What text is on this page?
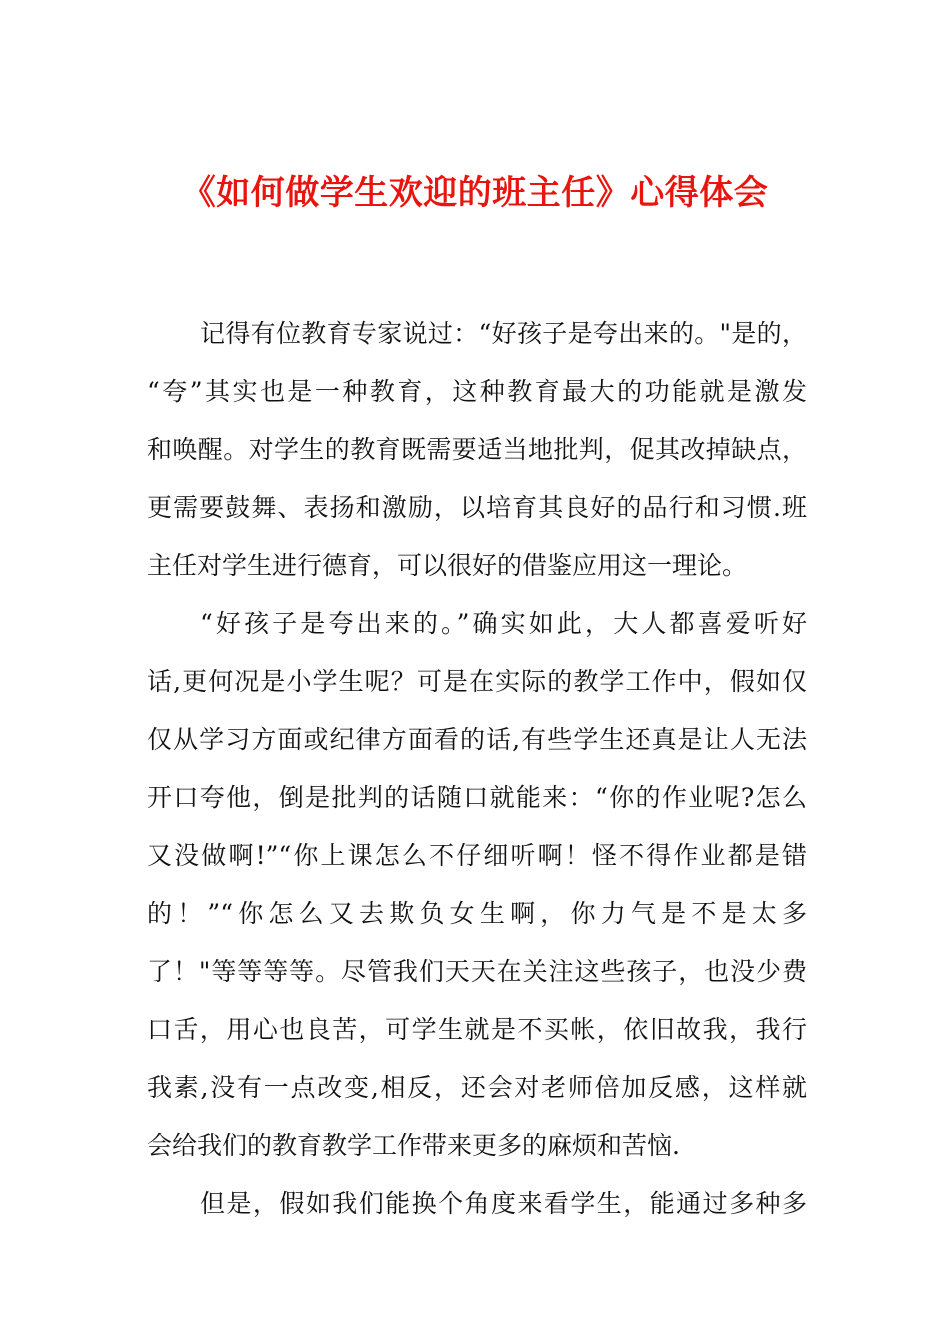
《如何做学生欢迎的班主任》心得体会
记得有位教育专家说过：“好孩子是夸出来的。"是的，
“夸”其实也是一种教育，这种教育最大的功能就是激发
和唤醒。对学生的教育既需要适当地批判，促其改掉缺点，
更需要鼓舞、表扬和激励，以培育其良好的品行和习惯.班
主任对学生进行德育，可以很好的借鉴应用这一理论。
“好孩子是夸出来的。”确实如此，大人都喜爱听好
话,更何况是小学生呢？可是在实际的教学工作中，假如仅
仅从学习方面或纪律方面看的话,有些学生还真是让人无法
开口夸他，倒是批判的话随口就能来：“你的作业呢?怎么
又没做啊!”“你上课怎么不仔细听啊！怪不得作业都是错
的！”“你怎么又去欺负女生啊，你力气是不是太多
了！"等等等等。尽管我们天天在关注这些孩子，也没少费
口舌，用心也良苦，可学生就是不买帐，依旧故我，我行
我素,没有一点改变,相反，还会对老师倍加反感，这样就
会给我们的教育教学工作带来更多的麻烦和苦恼.
但是，假如我们能换个角度来看学生，能通过多种多
